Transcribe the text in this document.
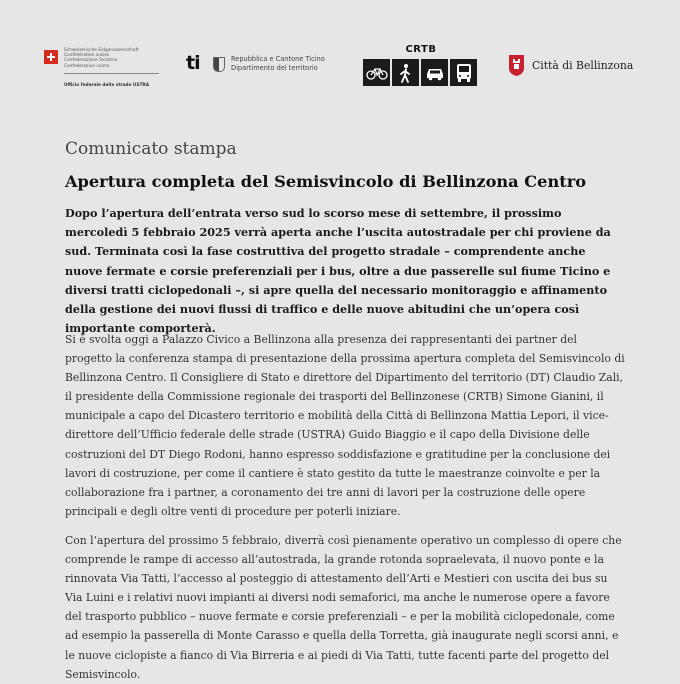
Schweizerische Eidgenossenschaft
Confédération suisse
Confederazione Svizzera
Confederaziun svizra
Ufficio federale delle strade USTRA
ti	Repubblica e Cantone Ticino
Dipartimento del territorio
CRTB
Città di Bellinzona
Comunicato stampa
Apertura completa del Semisvincolo di Bellinzona Centro

Dopo l’apertura dell’entrata verso sud lo scorso mese di settembre, il prossimo mercoledì 5 febbraio 2025 verrà aperta anche l’uscita autostradale per chi proviene da sud. Terminata così la fase costruttiva del progetto stradale – comprendente anche nuove fermate e corsie preferenziali per i bus, oltre a due passerelle sul fiume Ticino e diversi tratti ciclopedonali –, si apre quella del necessario monitoraggio e affinamento della gestione dei nuovi flussi di traffico e delle nuove abitudini che un’opera così importante comporterà.

Si è svolta oggi a Palazzo Civico a Bellinzona alla presenza dei rappresentanti dei partner del progetto la conferenza stampa di presentazione della prossima apertura completa del Semisvincolo di Bellinzona Centro. Il Consigliere di Stato e direttore del Dipartimento del territorio (DT) Claudio Zali, il presidente della Commissione regionale dei trasporti del Bellinzonese (CRTB) Simone Gianini, il municipale a capo del Dicastero territorio e mobilità della Città di Bellinzona Mattia Lepori, il vice-direttore dell’Ufficio federale delle strade (USTRA) Guido Biaggio e il capo della Divisione delle costruzioni del DT Diego Rodoni, hanno espresso soddisfazione e gratitudine per la conclusione dei lavori di costruzione, per come il cantiere è stato gestito da tutte le maestranze coinvolte e per la collaborazione fra i partner, a coronamento dei tre anni di lavori per la costruzione delle opere principali e degli oltre venti di procedure per poterli iniziare.

Con l’apertura del prossimo 5 febbraio, diverrà così pienamente operativo un complesso di opere che comprende le rampe di accesso all’autostrada, la grande rotonda sopraelevata, il nuovo ponte e la rinnovata Via Tatti, l’accesso al posteggio di attestamento dell’Arti e Mestieri con uscita dei bus su Via Luini e i relativi nuovi impianti ai diversi nodi semaforici, ma anche le numerose opere a favore del trasporto pubblico – nuove fermate e corsie preferenziali – e per la mobilità ciclopedonale, come ad esempio la passerella di Monte Carasso e quella della Torretta, già inaugurate negli scorsi anni, e le nuove ciclopiste a fianco di Via Birreria e ai piedi di Via Tatti, tutte facenti parte del progetto del Semisvincolo.
